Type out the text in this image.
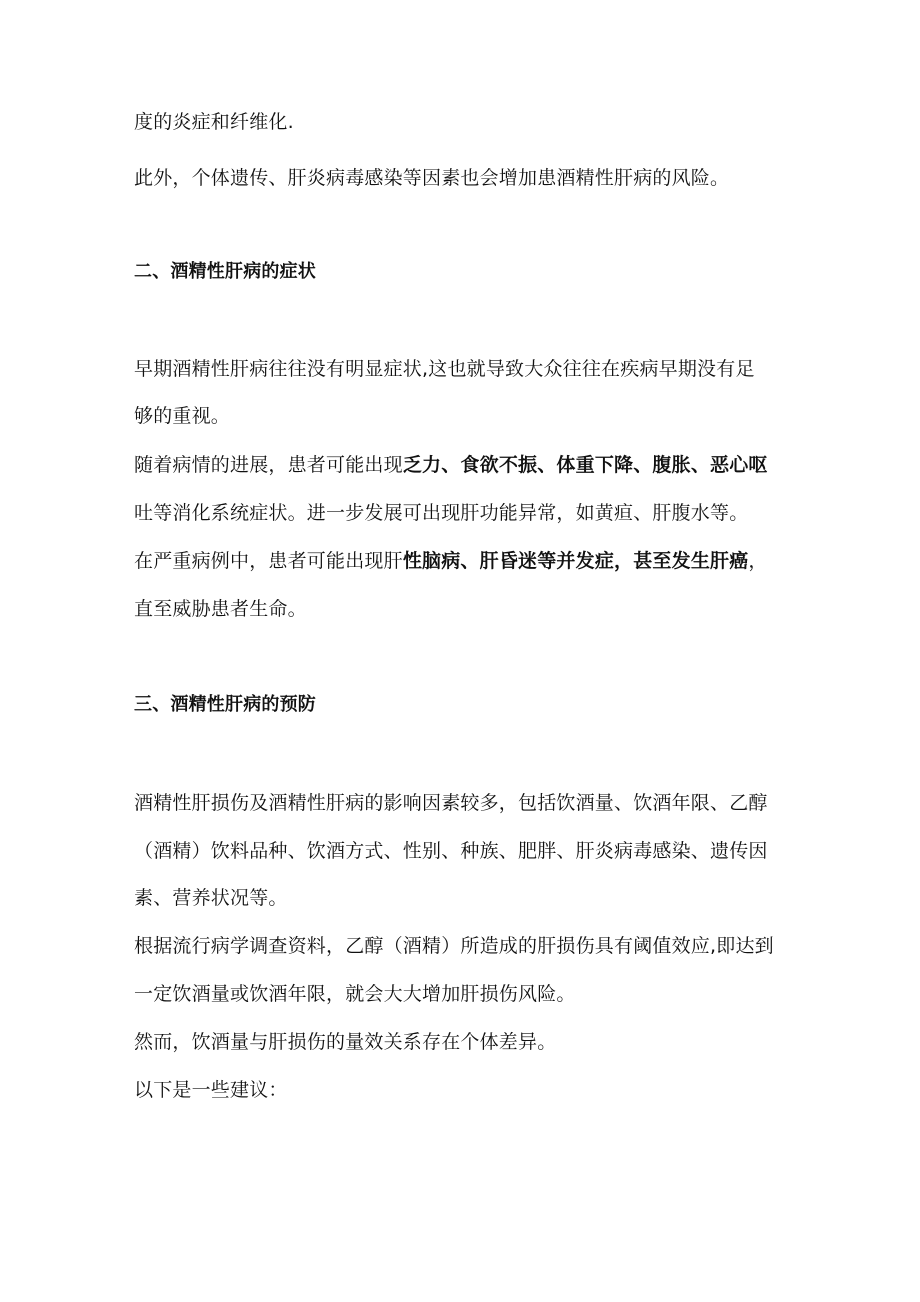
度的炎症和纤维化.
此外，个体遗传、肝炎病毒感染等因素也会增加患酒精性肝病的风险。
二、酒精性肝病的症状
早期酒精性肝病往往没有明显症状,这也就导致大众往往在疾病早期没有足
够的重视。
随着病情的进展，患者可能出现乏力、食欲不振、体重下降、腹胀、恶心呕
吐等消化系统症状。进一步发展可出现肝功能异常，如黄疸、肝腹水等。
在严重病例中，患者可能出现肝性脑病、肝昏迷等并发症，甚至发生肝癌，
直至威胁患者生命。
三、酒精性肝病的预防
酒精性肝损伤及酒精性肝病的影响因素较多，包括饮酒量、饮酒年限、乙醇
（酒精）饮料品种、饮酒方式、性别、种族、肥胖、肝炎病毒感染、遗传因
素、营养状况等。
根据流行病学调查资料，乙醇（酒精）所造成的肝损伤具有阈值效应,即达到
一定饮酒量或饮酒年限，就会大大增加肝损伤风险。
然而，饮酒量与肝损伤的量效关系存在个体差异。
以下是一些建议：
